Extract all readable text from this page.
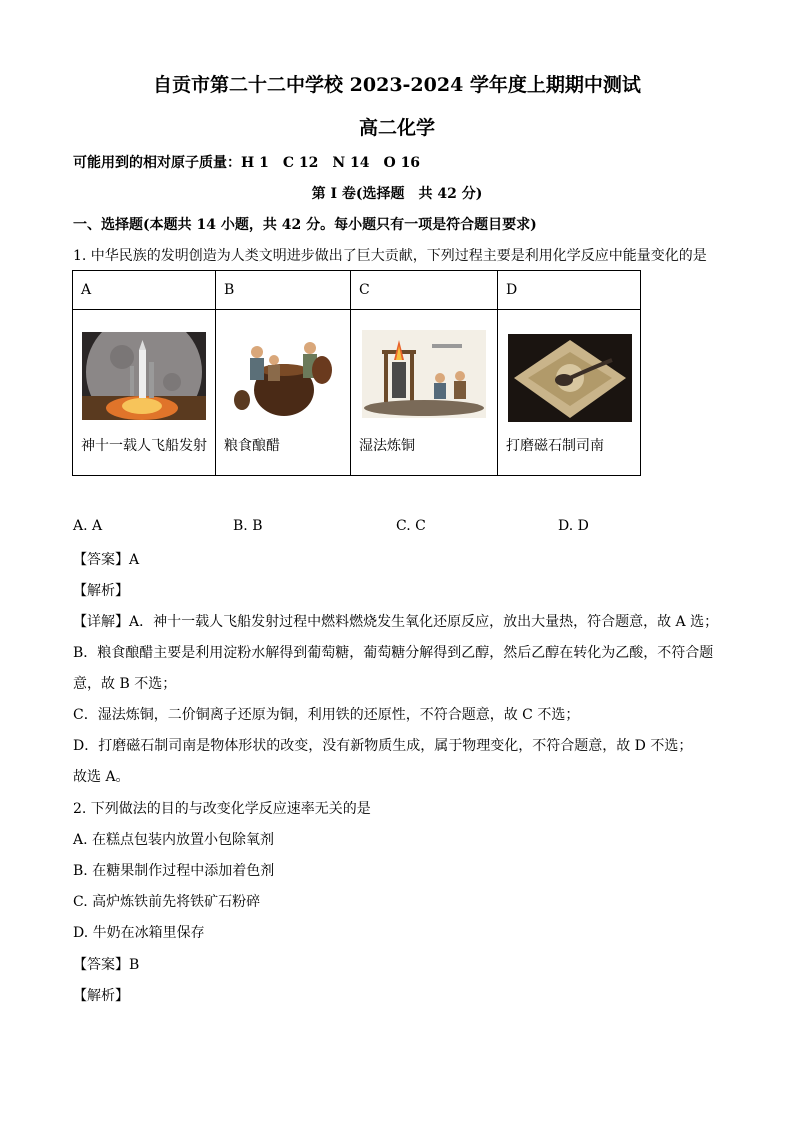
自贡市第二十二中学校 2023-2024 学年度上期期中测试
高二化学
可能用到的相对原子质量：H 1　C 12　N 14　O 16
第 I 卷(选择题　共 42 分)
一、选择题(本题共 14 小题，共 42 分。每小题只有一项是符合题目要求)
1. 中华民族的发明创造为人类文明进步做出了巨大贡献，下列过程主要是利用化学反应中能量变化的是
A	B	C	D

神十一载人飞船发射	粮食酿醋	湿法炼铜	打磨磁石制司南
A. A	B. B	C. C	D. D
【答案】A
【解析】
【详解】A．神十一载人飞船发射过程中燃料燃烧发生氧化还原反应，放出大量热，符合题意，故 A 选；
B．粮食酿醋主要是利用淀粉水解得到葡萄糖，葡萄糖分解得到乙醇，然后乙醇在转化为乙酸，不符合题
意，故 B 不选；
C．湿法炼铜，二价铜离子还原为铜，利用铁的还原性，不符合题意，故 C 不选；
D．打磨磁石制司南是物体形状的改变，没有新物质生成，属于物理变化，不符合题意，故 D 不选；
故选 A。
2. 下列做法的目的与改变化学反应速率无关的是
A. 在糕点包装内放置小包除氧剂
B. 在糖果制作过程中添加着色剂
C. 高炉炼铁前先将铁矿石粉碎
D. 牛奶在冰箱里保存
【答案】B
【解析】
